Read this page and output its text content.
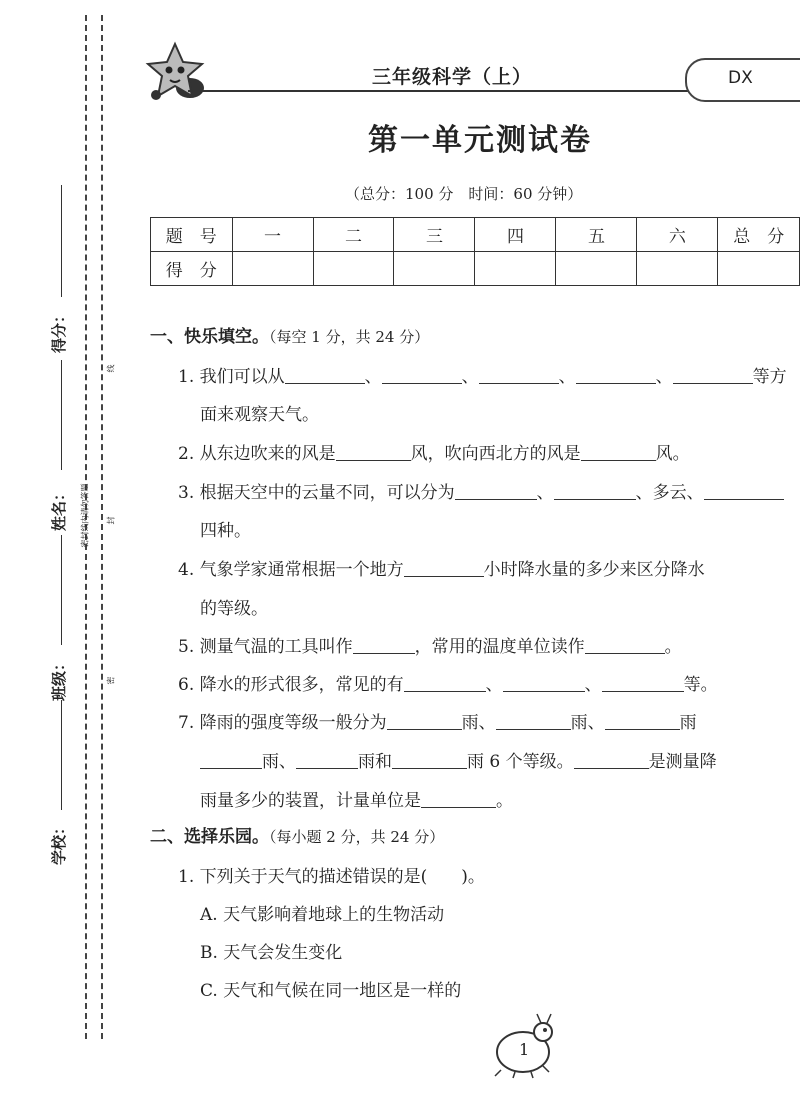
得分：
姓名：
班级：
学校：
密封线内请勿答题
线
封
密
三年级科学（上）	DX
第一单元测试卷
（总分：100 分　时间：60 分钟）
题　号	一	二	三	四	五	六	总　分
得　分							
一、快乐填空。（每空 1 分，共 24 分）
1. 我们可以从	、	、	、	、	等方
面来观察天气。
2. 从东边吹来的风是	风，吹向西北方的风是	风。
3. 根据天空中的云量不同，可以分为	、	、多云、
四种。
4. 气象学家通常根据一个地方	小时降水量的多少来区分降水
的等级。
5. 测量气温的工具叫作	，常用的温度单位读作	。
6. 降水的形式很多，常见的有	、	、	等。
7. 降雨的强度等级一般分为	雨、	雨、	雨
雨、	雨和	雨 6 个等级。	是测量降
雨量多少的装置，计量单位是	。
二、选择乐园。（每小题 2 分，共 24 分）
1. 下列关于天气的描述错误的是(　　)。
A. 天气影响着地球上的生物活动
B. 天气会发生变化
C. 天气和气候在同一地区是一样的
1
